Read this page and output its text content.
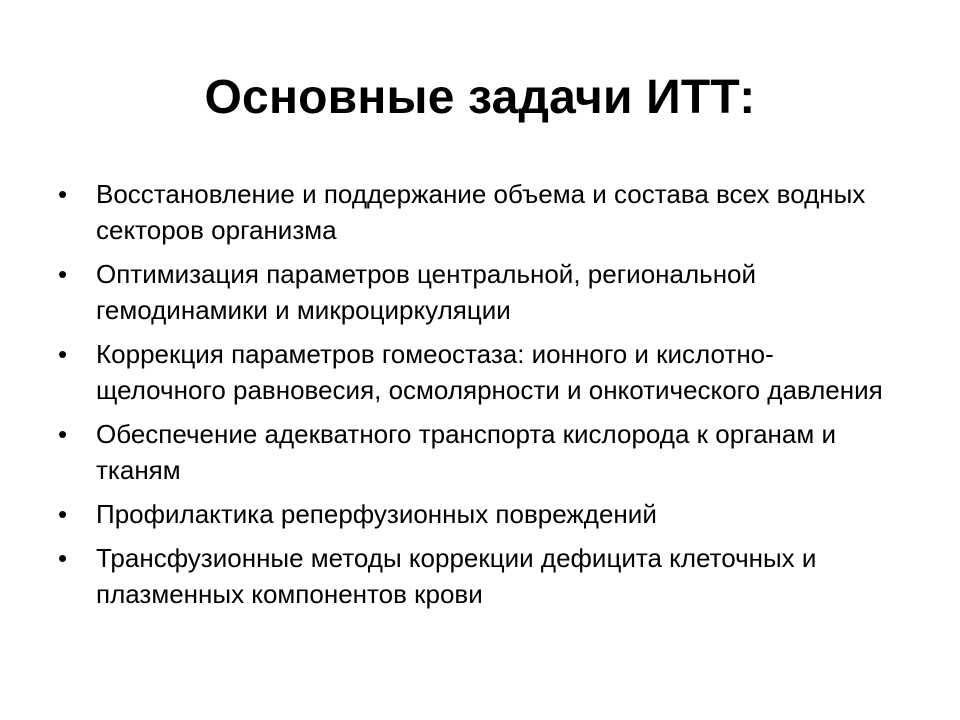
Основные задачи ИТТ:
•	Восстановление и поддержание объема и состава всех водных секторов организма
•	Оптимизация параметров центральной, региональной гемодинамики и микроциркуляции
•	Коррекция параметров гомеостаза: ионного и кислотно-щелочного равновесия, осмолярности и онкотического давления
•	Обеспечение адекватного транспорта кислорода к органам и тканям
•	Профилактика реперфузионных повреждений
•	Трансфузионные методы коррекции дефицита клеточных и плазменных компонентов крови
